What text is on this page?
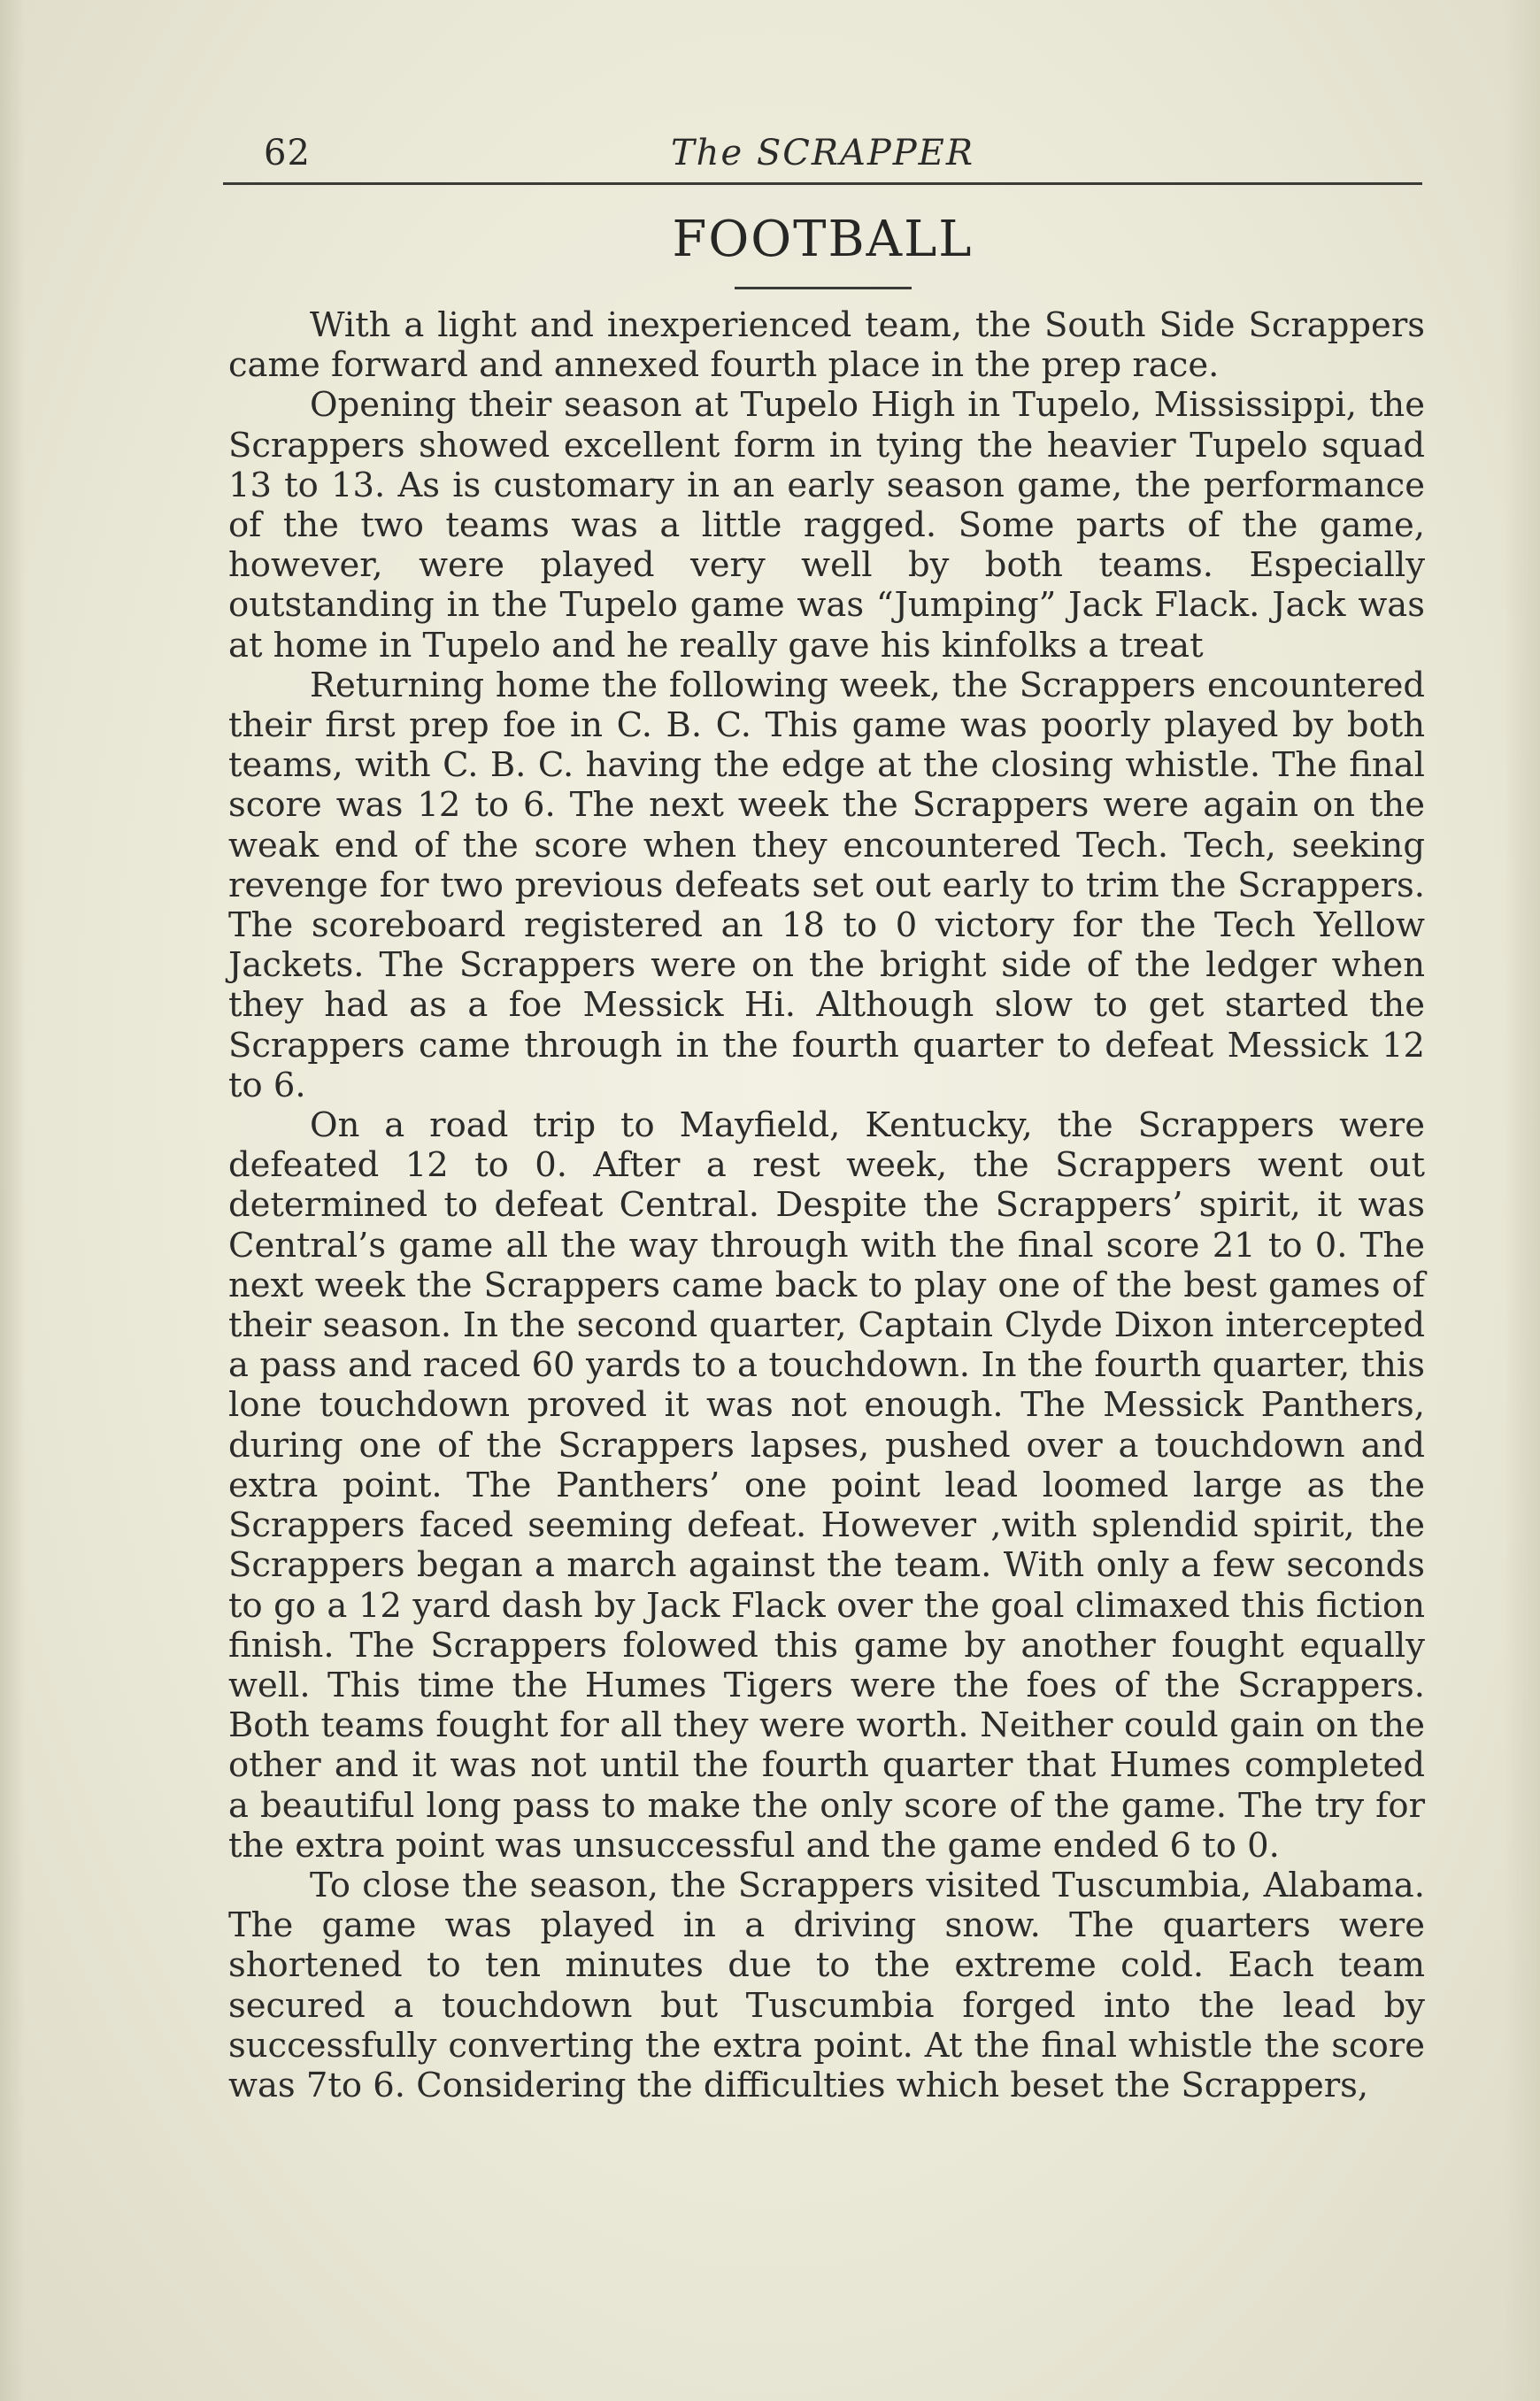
The SCRAPPER
62
FOOTBALL

With a light and inexperienced team, the South Side Scrappers came forward and annexed fourth place in the prep race.

Opening their season at Tupelo High in Tupelo, Mississippi, the Scrappers showed excellent form in tying the heavier Tupelo squad 13 to 13. As is customary in an early season game, the performance of the two teams was a little ragged. Some parts of the game, however, were played very well by both teams. Especially outstanding in the Tupelo game was “Jumping” Jack Flack. Jack was at home in Tupelo and he really gave his kinfolks a treat

Returning home the following week, the Scrappers encountered their first prep foe in C. B. C. This game was poorly played by both teams, with C. B. C. having the edge at the closing whistle. The final score was 12 to 6. The next week the Scrappers were again on the weak end of the score when they encountered Tech. Tech, seeking revenge for two previous defeats set out early to trim the Scrappers. The scoreboard registered an 18 to 0 victory for the Tech Yellow Jackets. The Scrappers were on the bright side of the ledger when they had as a foe Messick Hi. Although slow to get started the Scrappers came through in the fourth quarter to defeat Messick 12 to 6.

On a road trip to Mayfield, Kentucky, the Scrappers were defeated 12 to 0. After a rest week, the Scrappers went out determined to defeat Central. Despite the Scrappers’ spirit, it was Central’s game all the way through with the final score 21 to 0. The next week the Scrappers came back to play one of the best games of their season. In the second quarter, Captain Clyde Dixon intercepted a pass and raced 60 yards to a touchdown. In the fourth quarter, this lone touchdown proved it was not enough. The Messick Panthers, during one of the Scrappers lapses, pushed over a touchdown and extra point. The Panthers’ one point lead loomed large as the Scrappers faced seeming defeat. However ,with splendid spirit, the Scrappers began a march against the team. With only a few seconds to go a 12 yard dash by Jack Flack over the goal climaxed this fiction finish. The Scrappers folowed this game by another fought equally well. This time the Humes Tigers were the foes of the Scrappers. Both teams fought for all they were worth. Neither could gain on the other and it was not until the fourth quarter that Humes completed a beautiful long pass to make the only score of the game. The try for the extra point was unsuccessful and the game ended 6 to 0.

To close the season, the Scrappers visited Tuscumbia, Alabama. The game was played in a driving snow. The quarters were shortened to ten minutes due to the extreme cold. Each team secured a touchdown but Tuscumbia forged into the lead by successfully converting the extra point. At the final whistle the score was 7to 6. Considering the difficulties which beset the Scrappers,
